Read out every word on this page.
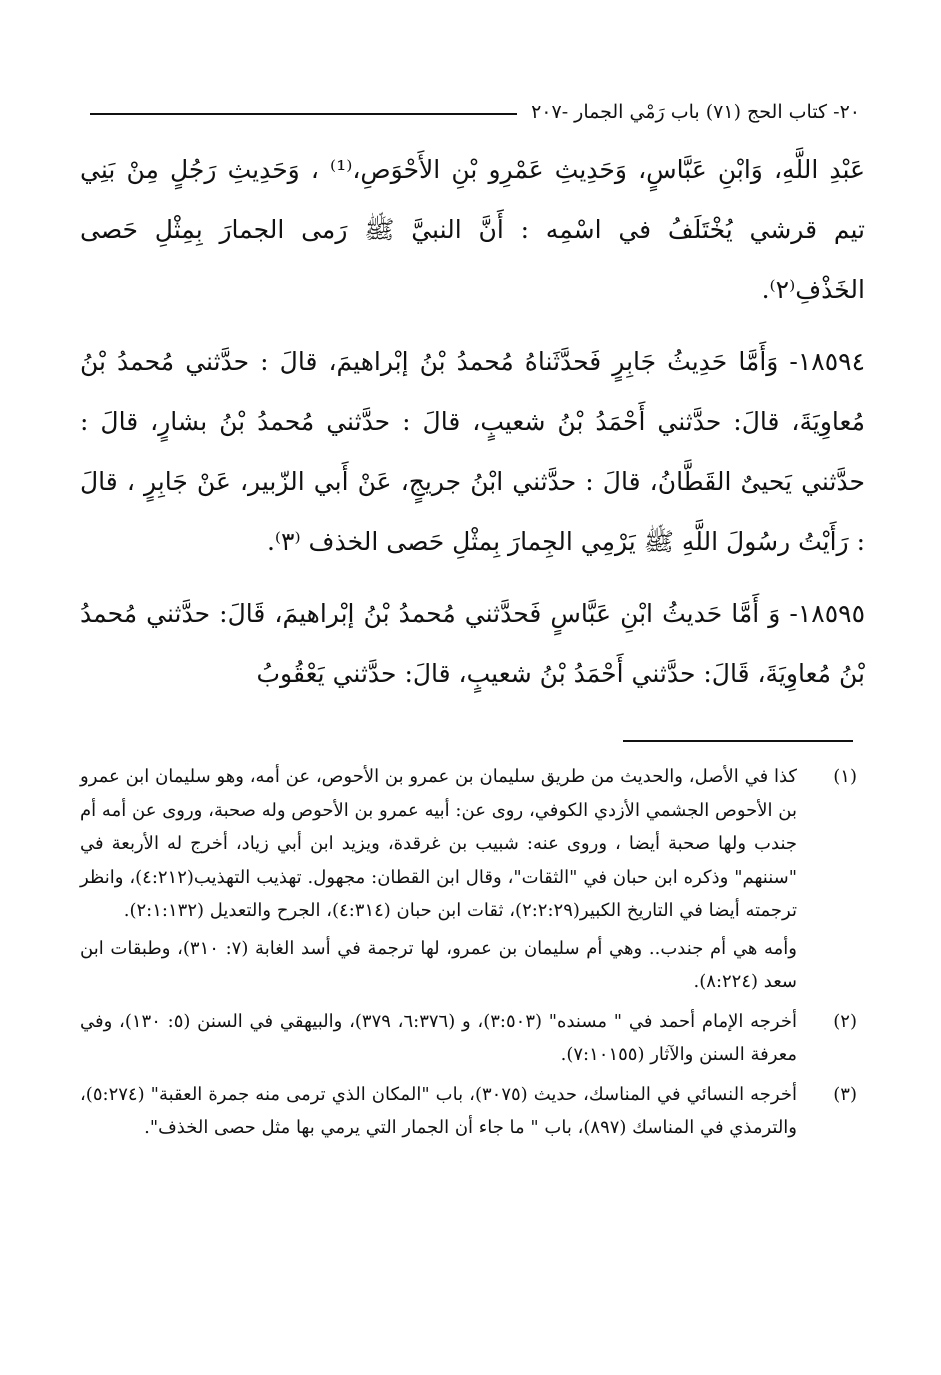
٢٠- كتاب الحج (٧١) باب رَمْي الجمار -٢٠٧

عَبْدِ اللَّهِ، وَابْنِ عَبَّاسٍ، وَحَدِيثِ عَمْرِو بْنِ الأَحْوَصِ،⁽¹⁾ ، وَحَدِيثِ رَجُلٍ مِنْ بَنِي تيم قرشي يُخْتَلَفُ في اسْمِه : أَنَّ النبيَّ ﷺ رَمى الجمارَ بِمِثْلِ حَصى الخَذْفِ⁽٢⁾.

١٨٥٩٤- وَأَمَّا حَدِيثُ جَابِرٍ فَحدَّثَناهُ مُحمدُ بْنُ إبْراهيمَ، قالَ : حدَّثني مُحمدُ بْنُ مُعاوِيَةَ، قالَ: حدَّثني أَحْمَدُ بْنُ شعيبٍ، قالَ : حدَّثني مُحمدُ بْنُ بشارٍ، قالَ : حدَّثني يَحيىٌ القَطَّانُ، قالَ : حدَّثني ابْنُ جريجٍ، عَنْ أَبي الزّبير، عَنْ جَابِرٍ ، قالَ : رَأَيْتُ رسُولَ اللَّهِ ﷺ يَرْمِي الجِمارَ بِمثْلِ حَصى الخذف ⁽٣⁾.

١٨٥٩٥- وَ أَمَّا حَديثُ ابْنِ عَبَّاسٍ فَحدَّثني مُحمدُ بْنُ إبْراهيمَ، قَالَ: حدَّثني مُحمدُ بْنُ مُعاوِيَةَ، قَالَ: حدَّثني أَحْمَدُ بْنُ شعيبٍ، قالَ: حدَّثني يَعْقُوبُ

(١)
كذا في الأصل، والحديث من طريق سليمان بن عمرو بن الأحوص، عن أمه، وهو سليمان ابن عمرو بن الأحوص الجشمي الأزدي الكوفي، روى عن: أبيه عمرو بن الأحوص وله صحبة، وروى عن أمه أم جندب ولها صحبة أيضا ، وروى عنه: شبيب بن غرقدة، ويزيد ابن أبي زياد، أخرج له الأربعة في "سننهم" وذكره ابن حبان في "الثقات"، وقال ابن القطان: مجهول. تهذيب التهذيب(٤:٢١٢)، وانظر ترجمته أيضا في التاريخ الكبير(٢:٢:٢٩)، ثقات ابن حبان (٤:٣١٤)، الجرح والتعديل (٢:١:١٣٢).
وأمه هي أم جندب.. وهي أم سليمان بن عمرو، لها ترجمة في أسد الغابة (٧: ٣١٠)، وطبقات ابن سعد (٨:٢٢٤).
(٢)
أخرجه الإمام أحمد في " مسنده" (٣:٥٠٣)، و (٦:٣٧٦، ٣٧٩)، والبيهقي في السنن (٥: ١٣٠)، وفي معرفة السنن والآثار (٧:١٠١٥٥).
(٣)
أخرجه النسائي في المناسك، حديث (٣٠٧٥)، باب "المكان الذي ترمى منه جمرة العقبة" (٥:٢٧٤)، والترمذي في المناسك (٨٩٧)، باب " ما جاء أن الجمار التي يرمي بها مثل حصى الخذف".
